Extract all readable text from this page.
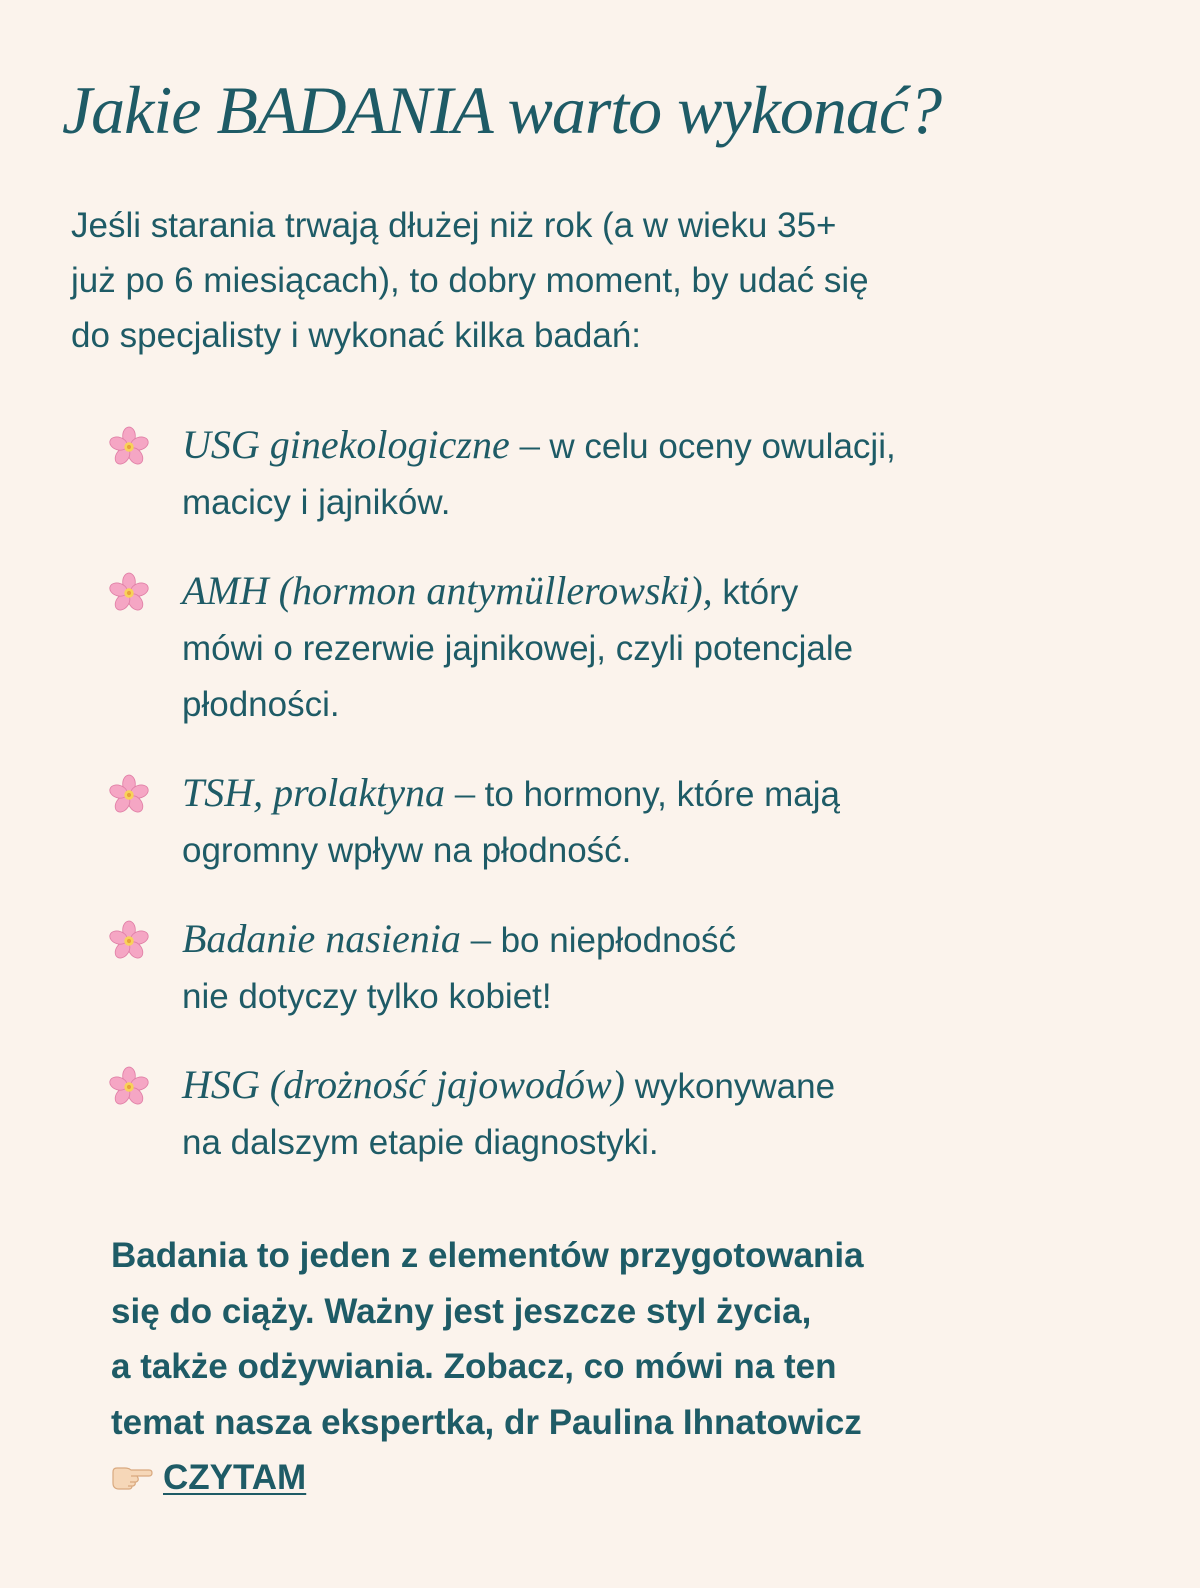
Jakie BADANIA warto wykonać?

Jeśli starania trwają dłużej niż rok (a w wieku 35+
już po 6 miesiącach), to dobry moment, by udać się
do specjalisty i wykonać kilka badań:

USG ginekologiczne – w celu oceny owulacji,
macicy i jajników.
AMH (hormon antymüllerowski), który
mówi o rezerwie jajnikowej, czyli potencjale
płodności.
TSH, prolaktyna – to hormony, które mają
ogromny wpływ na płodność.
Badanie nasienia – bo niepłodność
nie dotyczy tylko kobiet!
HSG (drożność jajowodów) wykonywane
na dalszym etapie diagnostyki.

Badania to jeden z elementów przygotowania
się do ciąży. Ważny jest jeszcze styl życia,
a także odżywiania. Zobacz, co mówi na ten
temat nasza ekspertka, dr Paulina Ihnatowicz
CZYTAM
